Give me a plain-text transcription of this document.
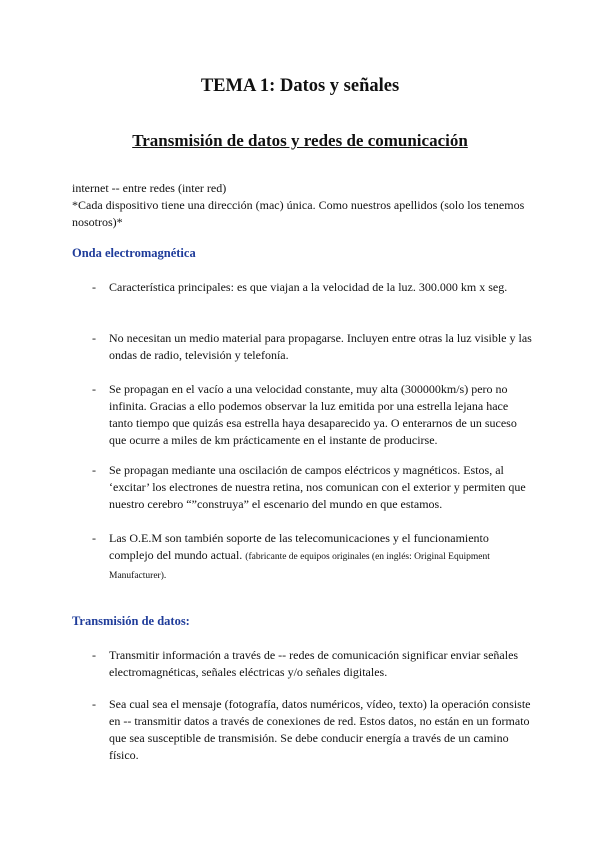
TEMA 1: Datos y señales
Transmisión de datos y redes de comunicación

internet -- entre redes (inter red)

*Cada dispositivo tiene una dirección (mac) única. Como nuestros apellidos (solo los tenemos nosotros)*

Onda electromagnética
- Característica principales: es que viajan a la velocidad de la luz. 300.000 km x seg.
- No necesitan un medio material para propagarse. Incluyen entre otras la luz visible y las ondas de radio, televisión y telefonía.
- Se propagan en el vacío a una velocidad constante, muy alta (300000km/s) pero no infinita. Gracias a ello podemos observar la luz emitida por una estrella lejana hace tanto tiempo que quizás esa estrella haya desaparecido ya. O enterarnos de un suceso que ocurre a miles de km prácticamente en el instante de producirse.
- Se propagan mediante una oscilación de campos eléctricos y magnéticos. Estos, al ‘excitar’ los electrones de nuestra retina, nos comunican con el exterior y permiten que nuestro cerebro “”construya” el escenario del mundo en que estamos.
- Las O.E.M son también soporte de las telecomunicaciones y el funcionamiento complejo del mundo actual. (fabricante de equipos originales (en inglés: Original Equipment Manufacturer).
Transmisión de datos:
- Transmitir información a través de -- redes de comunicación significar enviar señales electromagnéticas, señales eléctricas y/o señales digitales.
- Sea cual sea el mensaje (fotografía, datos numéricos, vídeo, texto) la operación consiste en -- transmitir datos a través de conexiones de red. Estos datos, no están en un formato que sea susceptible de transmisión. Se debe conducir energía a través de un camino físico.
